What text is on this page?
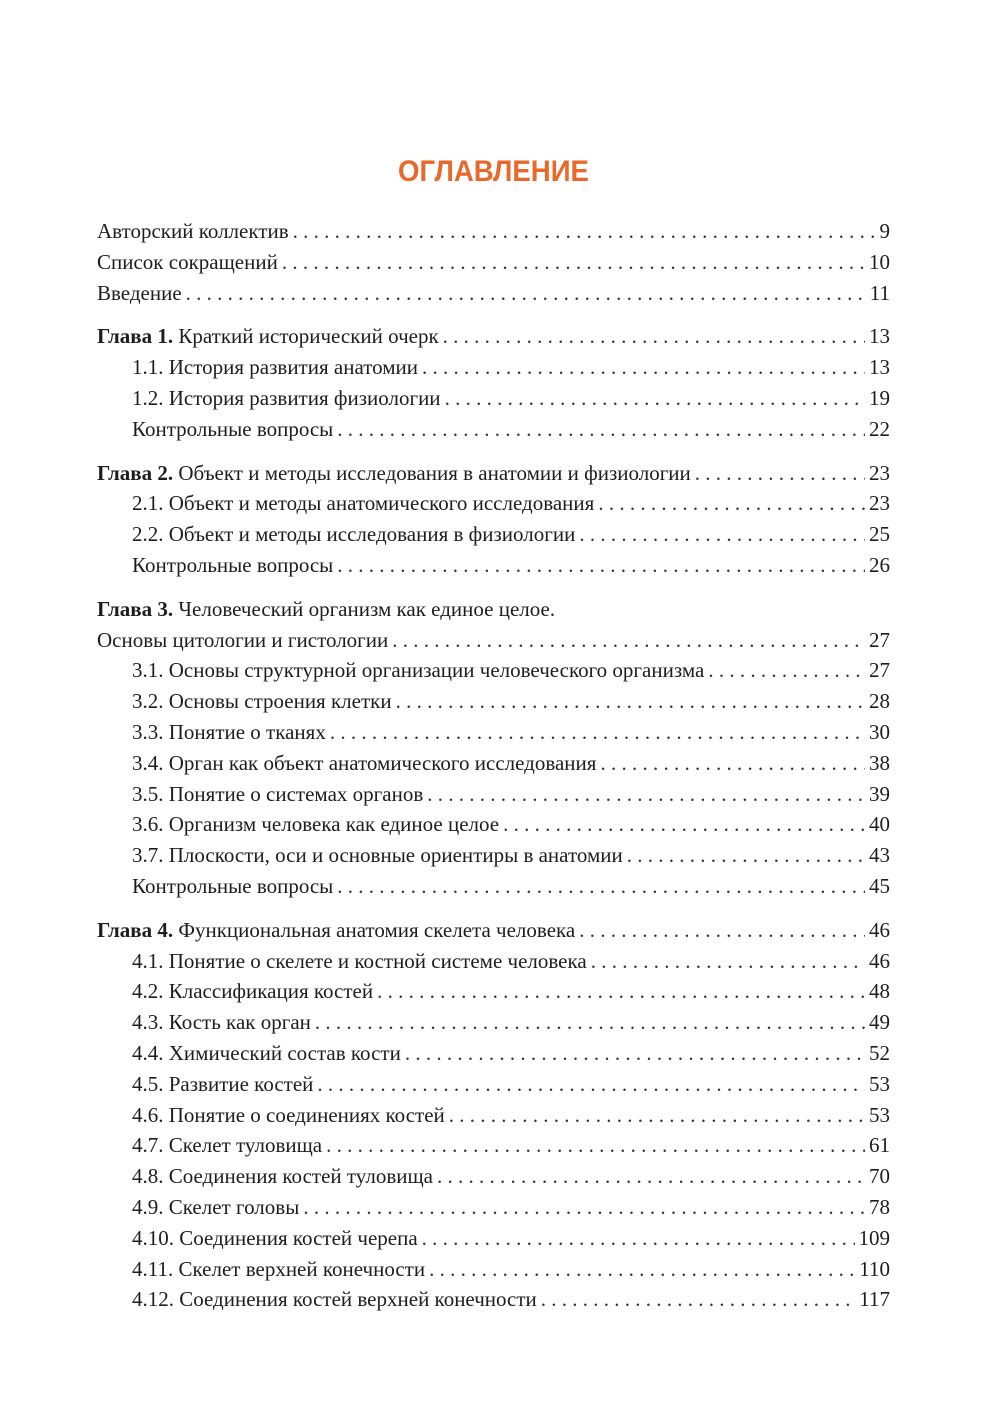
ОГЛАВЛЕНИЕ
Авторский коллектив . . .	9
Список сокращений . . .	10
Введение . . .	11
Глава 1. Краткий исторический очерк . . .	13
1.1. История развития анатомии . . .	13
1.2. История развития физиологии . . .	19
Контрольные вопросы . . .	22
Глава 2. Объект и методы исследования в анатомии и физиологии . . .	23
2.1. Объект и методы анатомического исследования . . .	23
2.2. Объект и методы исследования в физиологии . . .	25
Контрольные вопросы . . .	26
Глава 3. Человеческий организм как единое целое.
Основы цитологии и гистологии . . .	27
3.1. Основы структурной организации человеческого организма . . .	27
3.2. Основы строения клетки . . .	28
3.3. Понятие о тканях . . .	30
3.4. Орган как объект анатомического исследования . . .	38
3.5. Понятие о системах органов . . .	39
3.6. Организм человека как единое целое . . .	40
3.7. Плоскости, оси и основные ориентиры в анатомии . . .	43
Контрольные вопросы . . .	45
Глава 4. Функциональная анатомия скелета человека . . .	46
4.1. Понятие о скелете и костной системе человека . . .	46
4.2. Классификация костей . . .	48
4.3. Кость как орган . . .	49
4.4. Химический состав кости . . .	52
4.5. Развитие костей . . .	53
4.6. Понятие о соединениях костей . . .	53
4.7. Скелет туловища . . .	61
4.8. Соединения костей туловища . . .	70
4.9. Скелет головы . . .	78
4.10. Соединения костей черепа . . .	109
4.11. Скелет верхней конечности . . .	110
4.12. Соединения костей верхней конечности . . .	117
